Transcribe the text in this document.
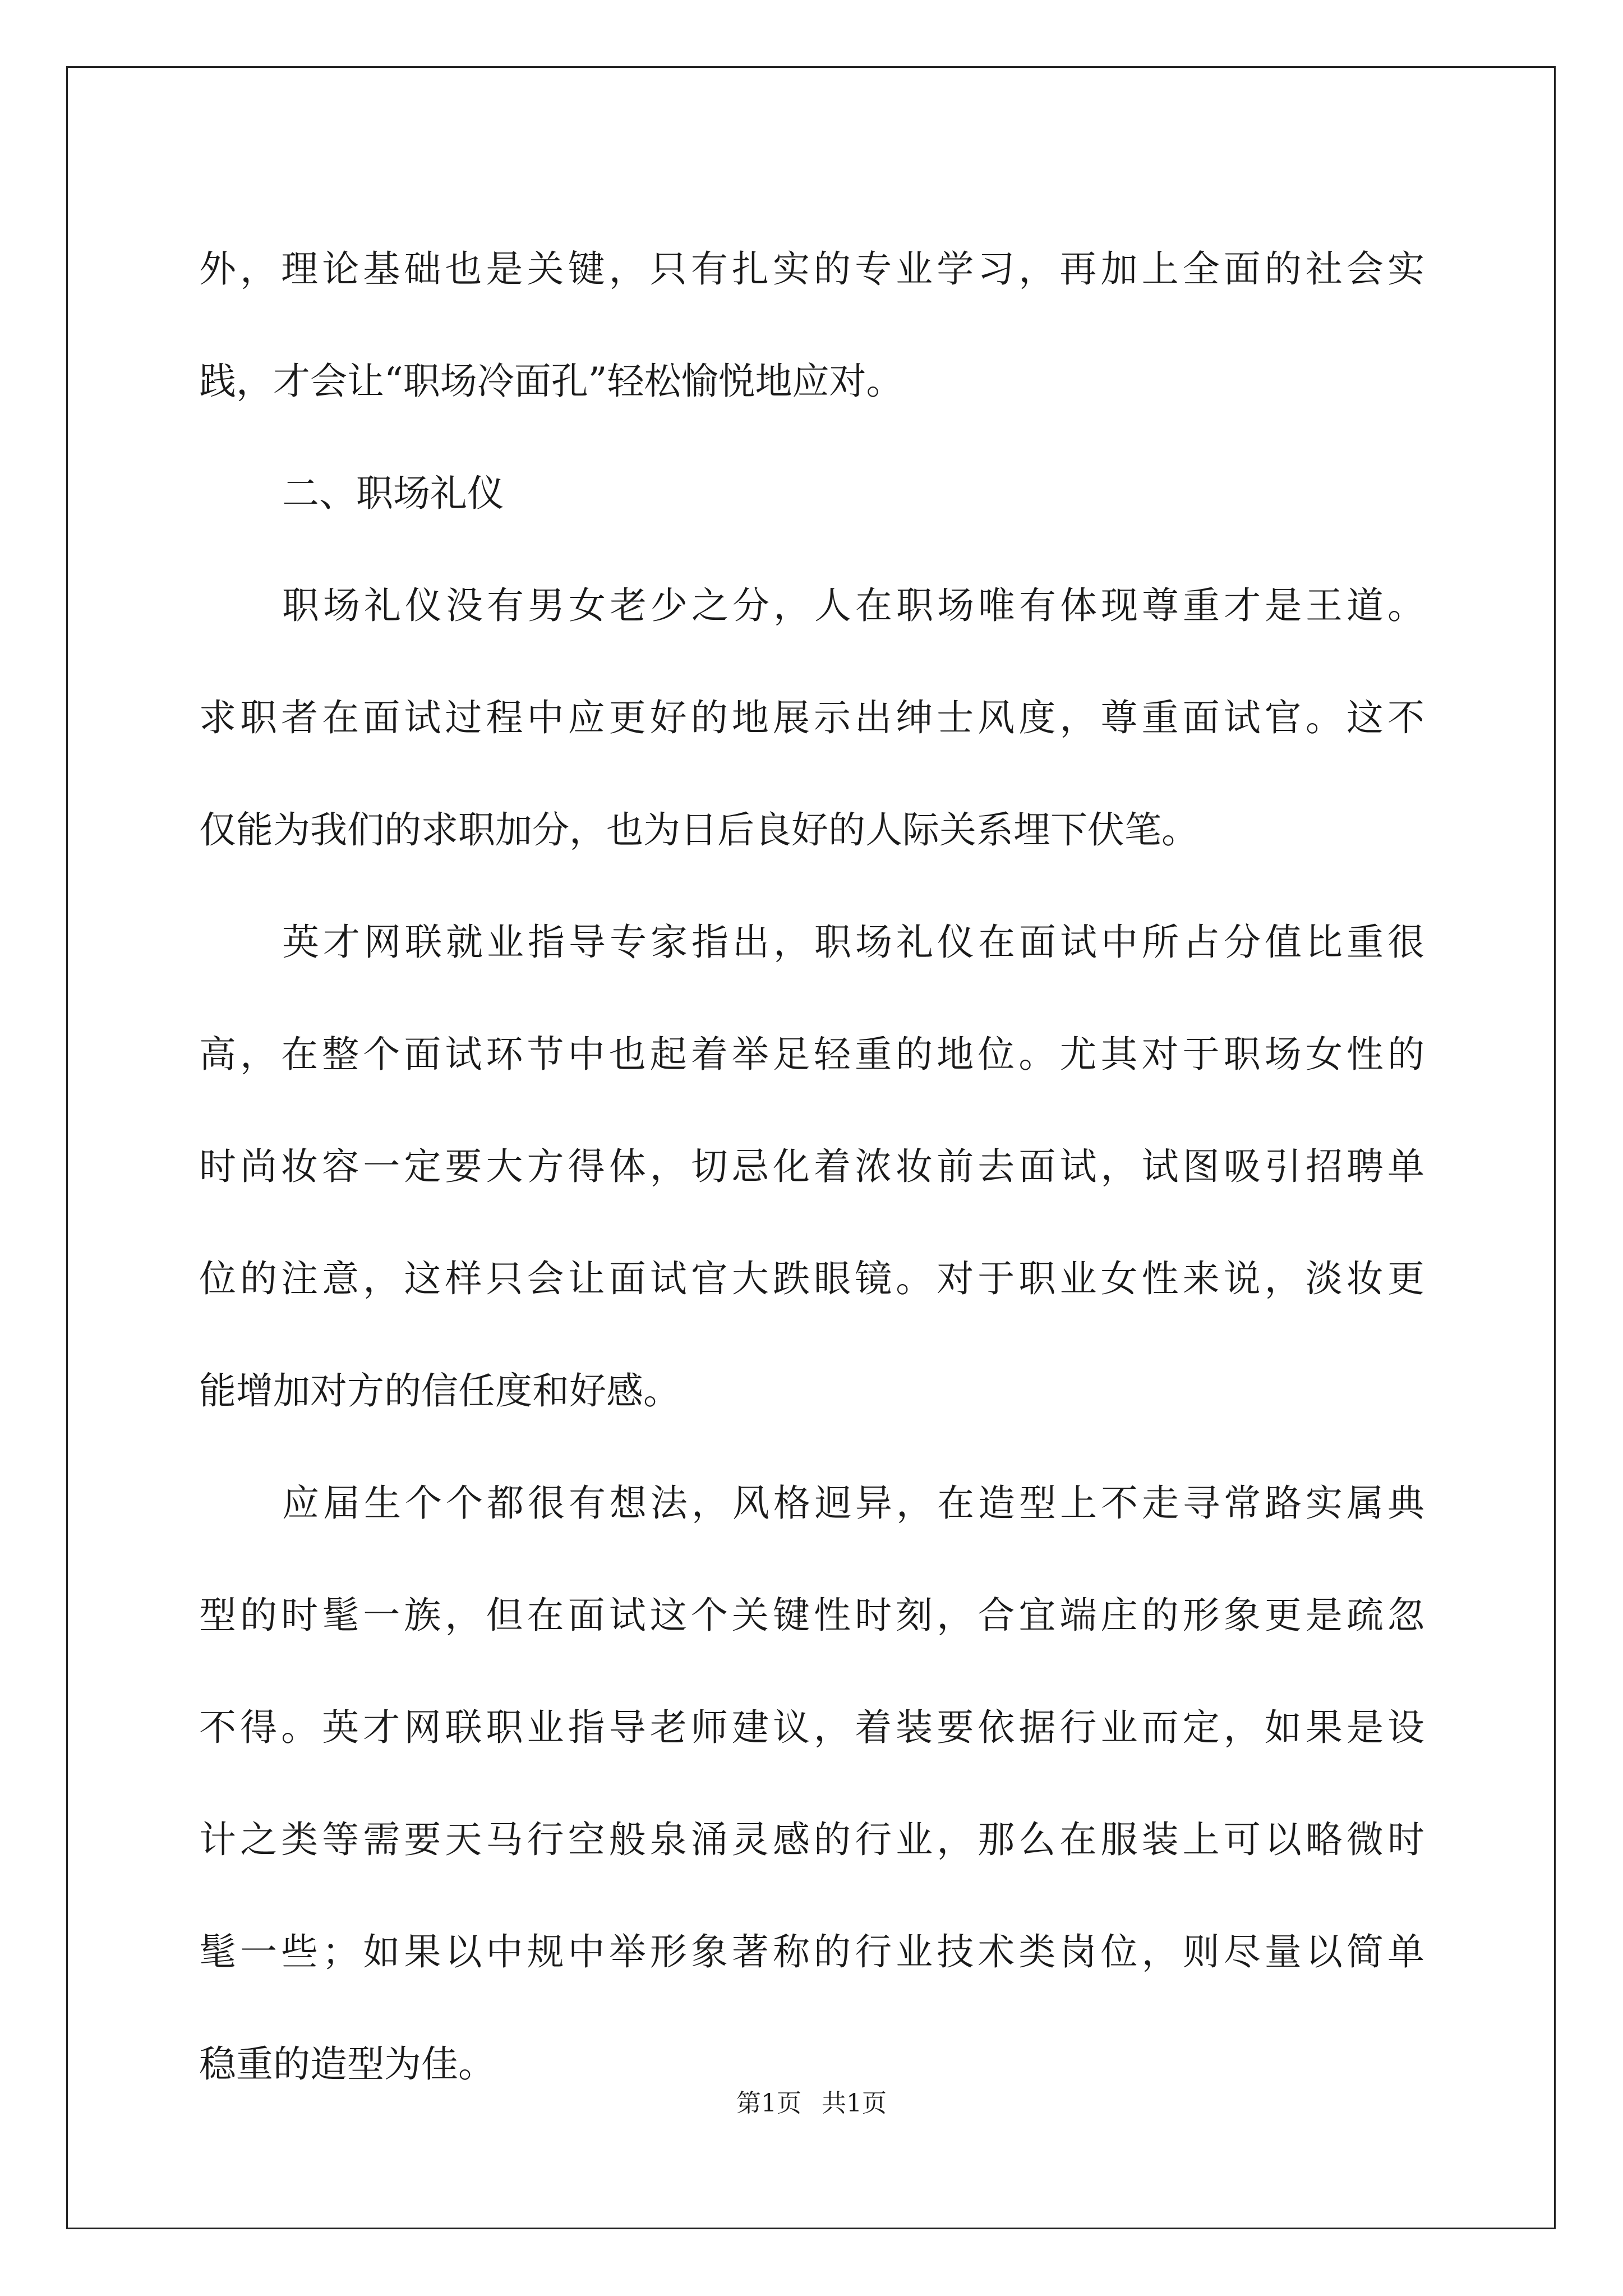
外，理论基础也是关键，只有扎实的专业学习，再加上全面的社会实
践，才会让“职场冷面孔”轻松愉悦地应对。
二、职场礼仪
职场礼仪没有男女老少之分，人在职场唯有体现尊重才是王道。
求职者在面试过程中应更好的地展示出绅士风度，尊重面试官。这不
仅能为我们的求职加分，也为日后良好的人际关系埋下伏笔。
英才网联就业指导专家指出，职场礼仪在面试中所占分值比重很
高，在整个面试环节中也起着举足轻重的地位。尤其对于职场女性的
时尚妆容一定要大方得体，切忌化着浓妆前去面试，试图吸引招聘单
位的注意，这样只会让面试官大跌眼镜。对于职业女性来说，淡妆更
能增加对方的信任度和好感。
应届生个个都很有想法，风格迥异，在造型上不走寻常路实属典
型的时髦一族，但在面试这个关键性时刻，合宜端庄的形象更是疏忽
不得。英才网联职业指导老师建议，着装要依据行业而定，如果是设
计之类等需要天马行空般泉涌灵感的行业，那么在服装上可以略微时
髦一些；如果以中规中举形象著称的行业技术类岗位，则尽量以简单
稳重的造型为佳。
第1页 共1页
